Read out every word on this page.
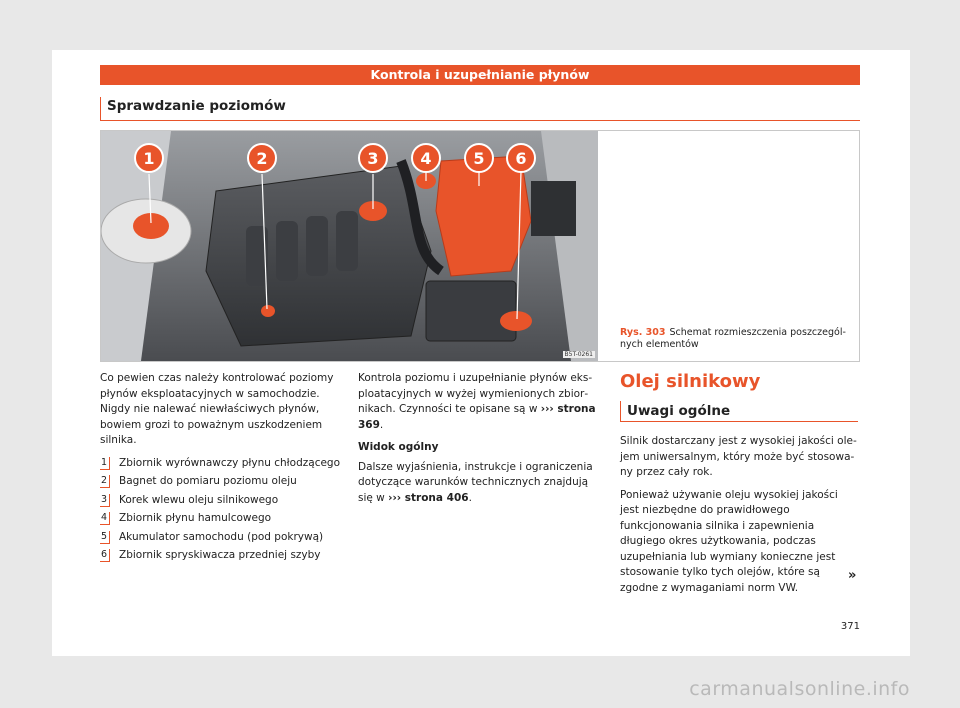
Kontrola i uzupełnianie płynów
Sprawdzanie poziomów
1	2	3	4	5 6
B5T-0261
Rys. 303 Schemat rozmieszczenia poszczególnych elementów

Co pewien czas należy kontrolować poziomy płynów eksploatacyjnych w samochodzie. Nigdy nie nalewać niewłaściwych płynów, bowiem grozi to poważnym uszkodzeniem silnika.

1 Zbiornik wyrównawczy płynu chłodzącego
2 Bagnet do pomiaru poziomu oleju
3 Korek wlewu oleju silnikowego
4 Zbiornik płynu hamulcowego
5 Akumulator samochodu (pod pokrywą)
6 Zbiornik spryskiwacza przedniej szyby

Kontrola poziomu i uzupełnianie płynów eksploatacyjnych w wyżej wymienionych zbiornikach. Czynności te opisane są w ››› strona 369.

Widok ogólny

Dalsze wyjaśnienia, instrukcje i ograniczenia dotyczące warunków technicznych znajdują się w ››› strona 406.

Olej silnikowy
Uwagi ogólne

Silnik dostarczany jest z wysokiej jakości olejem uniwersalnym, który może być stosowany przez cały rok.

Ponieważ używanie oleju wysokiej jakości jest niezbędne do prawidłowego funkcjonowania silnika i zapewnienia długiego okres użytkowania, podczas uzupełniania lub wymiany konieczne jest stosowanie tylko tych olejów, które są zgodne z wymaganiami norm VW.

»
371
carmanualsonline.info
